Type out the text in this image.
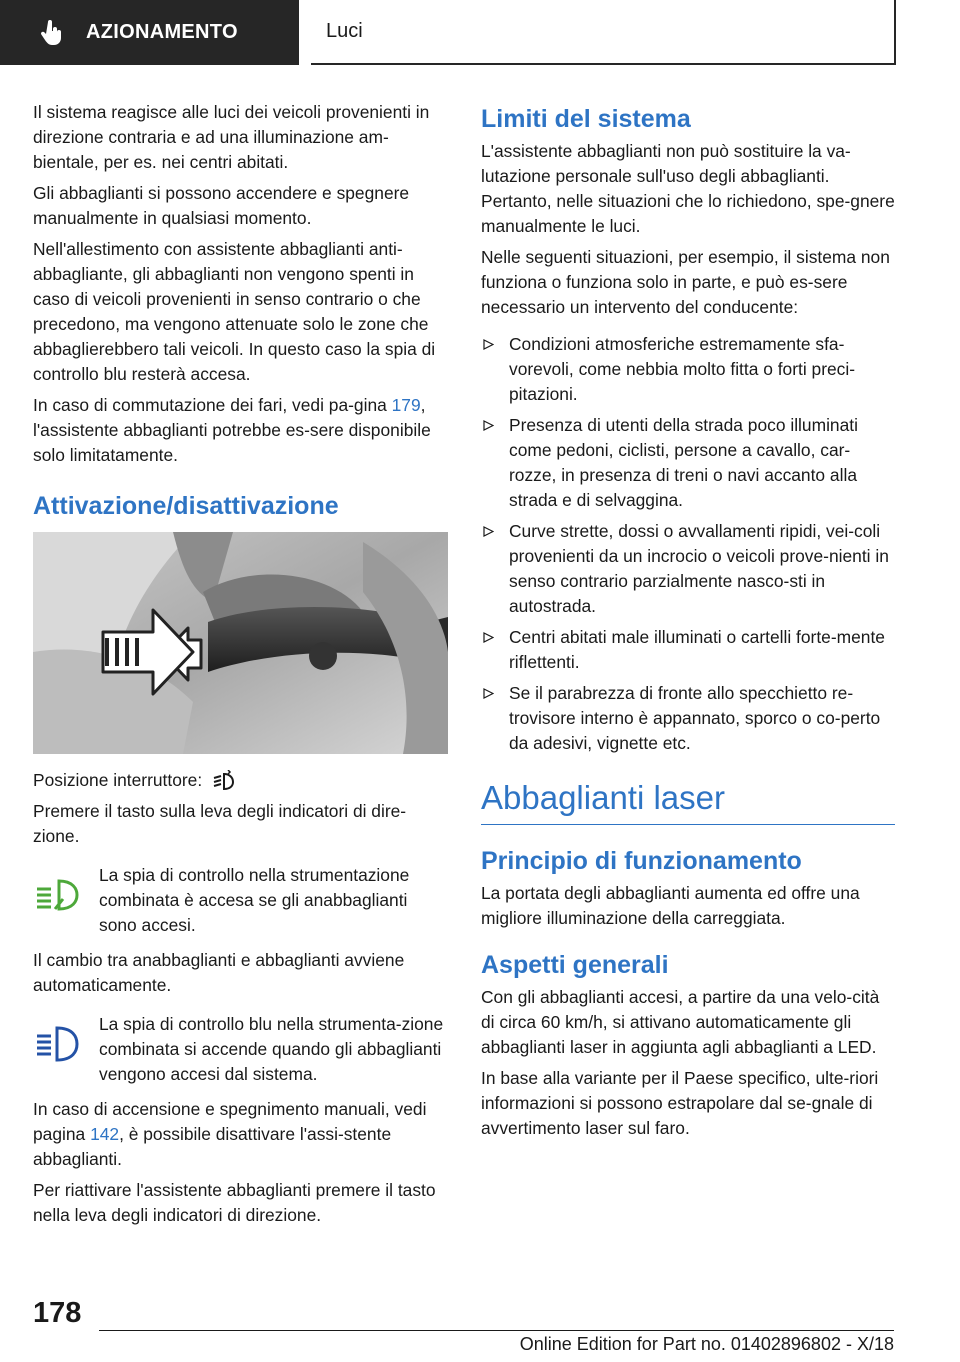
AZIONAMENTO	Luci

Il sistema reagisce alle luci dei veicoli provenienti in direzione contraria e ad una illuminazione am-bientale, per es. nei centri abitati.

Gli abbaglianti si possono accendere e spegnere manualmente in qualsiasi momento.

Nell'allestimento con assistente abbaglianti anti-abbagliante, gli abbaglianti non vengono spenti in caso di veicoli provenienti in senso contrario o che precedono, ma vengono attenuate solo le zone che abbaglierebbero tali veicoli. In questo caso la spia di controllo blu resterà accesa.

In caso di commutazione dei fari, vedi pa-gina 179, l'assistente abbaglianti potrebbe es-sere disponibile solo limitatamente.

Attivazione/disattivazione

Posizione interruttore:

Premere il tasto sulla leva degli indicatori di dire-zione.

La spia di controllo nella strumentazione combinata è accesa se gli anabbaglianti sono accesi.

Il cambio tra anabbaglianti e abbaglianti avviene automaticamente.

La spia di controllo blu nella strumenta-zione combinata si accende quando gli abbaglianti vengono accesi dal sistema.

In caso di accensione e spegnimento manuali, vedi pagina 142, è possibile disattivare l'assi-stente abbaglianti.

Per riattivare l'assistente abbaglianti premere il tasto nella leva degli indicatori di direzione.

Limiti del sistema

L'assistente abbaglianti non può sostituire la va-lutazione personale sull'uso degli abbaglianti. Pertanto, nelle situazioni che lo richiedono, spe-gnere manualmente le luci.

Nelle seguenti situazioni, per esempio, il sistema non funziona o funziona solo in parte, e può es-sere necessario un intervento del conducente:

Condizioni atmosferiche estremamente sfa-vorevoli, come nebbia molto fitta o forti preci-pitazioni.
Presenza di utenti della strada poco illuminati come pedoni, ciclisti, persone a cavallo, car-rozze, in presenza di treni o navi accanto alla strada e di selvaggina.
Curve strette, dossi o avvallamenti ripidi, vei-coli provenienti da un incrocio o veicoli prove-nienti in senso contrario parzialmente nasco-sti in autostrada.
Centri abitati male illuminati o cartelli forte-mente riflettenti.
Se il parabrezza di fronte allo specchietto re-trovisore interno è appannato, sporco o co-perto da adesivi, vignette etc.
Abbaglianti laser
Principio di funzionamento

La portata degli abbaglianti aumenta ed offre una migliore illuminazione della carreggiata.

Aspetti generali

Con gli abbaglianti accesi, a partire da una velo-cità di circa 60 km/h, si attivano automaticamente gli abbaglianti laser in aggiunta agli abbaglianti a LED.

In base alla variante per il Paese specifico, ulte-riori informazioni si possono estrapolare dal se-gnale di avvertimento laser sul faro.

178
Online Edition for Part no. 01402896802 - X/18
